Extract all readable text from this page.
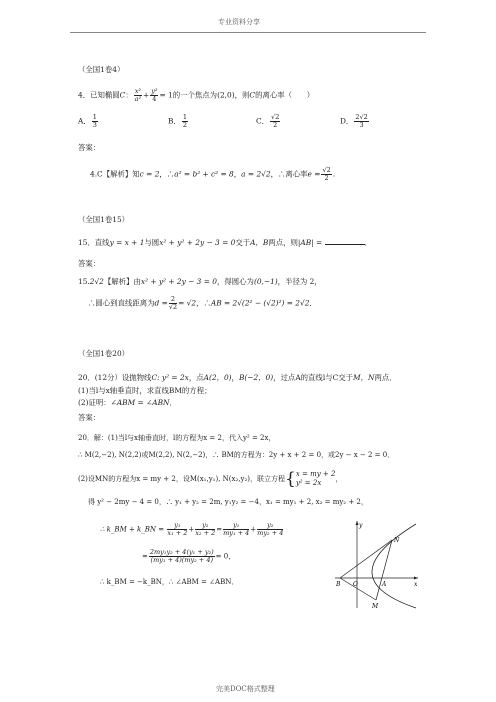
专业资料分享
（全国1卷4）
4．已知椭圆C： $\frac{\text{x²}}{\text{a²}} + \frac{\text{y²}}{4} = 1$的一个焦点为(2,0)，则C的离心率（　　）
A． $\frac{1}{3}$	B． $\frac{1}{2}$	C． $\frac{√2}{2}$	D． $\frac{2√2}{3}$
答案：
4.C【解析】知c = 2，∴a² = b² + c² = 8，a = 2√2，∴离心率$e = \frac{√2}{2}$ .
（全国1卷15）
15．直线y = x + 1与圆x² + y² + 2y − 3 = 0交于A，B两点，则|AB| =	．
答案：
15.2√2【解析】由x² + y² + 2y − 3 = 0，得圆心为(0,−1)，半径为 2，
∴圆心到直线距离为$d = \frac{2}{√2} = √2$，∴AB = 2√(2² − (√2)²) = 2√2．
（全国1卷20）
20．(12分）设抛物线C: y² = 2x，点A(2，0)，B(−2，0)，过点A的直线l与C交于M，N两点．
(1)当l与x轴垂直时，求直线BM的方程；
(2)证明：∠ABM = ∠ABN．
答案：
20．解：(1)当l与x轴垂直时，l的方程为x = 2，代入y² = 2x，
∴ M(2,−2), N(2,2)或M(2,2), N(2,−2)，∴ BM的方程为：2y + x + 2 = 0，或2y − x − 2 = 0．
(2)设MN的方程为x = my + 2，设M(x₁,y₁), N(x₂,y₂)，联立方程{ x = my + 2
y² = 2x	，
得 y² − 2my − 4 = 0，∴ y₁ + y₂ = 2m, y₁y₂ = −4，x₁ = my₁ + 2, x₂ = my₂ + 2，
∴ k_BM + k_BN = $\frac{\text{y₁}}{\text{x₁ + 2}} + \frac{\text{y₂}}{\text{x₂ + 2}} = \frac{\text{y₁}}{\text{my₁ + 4}} + \frac{\text{y₂}}{\text{my₂ + 4}}$
= $\frac{\text{2my₁y₂ + 4(y₁ + y₂)}}{\text{(my₁ + 4)(my₂ + 4)}} = 0$，
∴ k_BM = −k_BN，∴ ∠ABM = ∠ABN．
y
x
B O	A
M
N
完美DOC格式整理
